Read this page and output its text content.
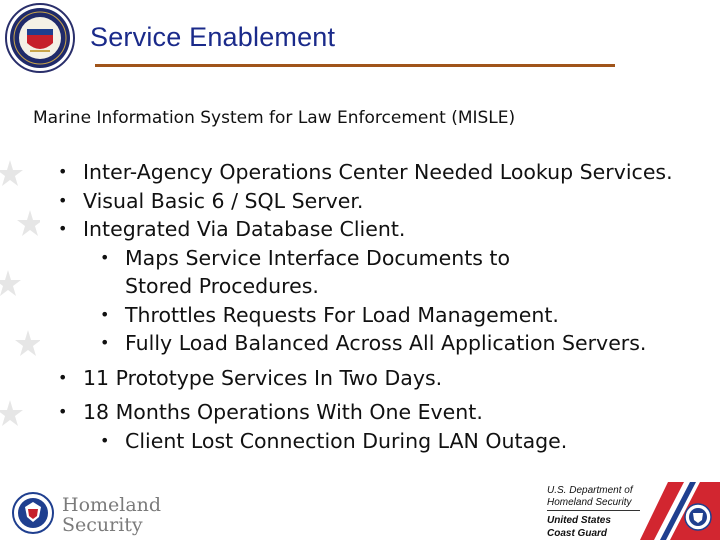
Service Enablement
Marine Information System for Law Enforcement (MISLE)
• Inter-Agency Operations Center Needed Lookup Services.
• Visual Basic 6 / SQL Server.
• Integrated Via Database Client.
• Maps Service Interface Documents to Stored Procedures.
• Throttles Requests For Load Management.
• Fully Load Balanced Across All Application Servers.
• 11 Prototype Services In Two Days.
• 18 Months Operations With One Event.
• Client Lost Connection During LAN Outage.
Homeland
Security
U.S. Department of
Homeland Security
United States
Coast Guard
